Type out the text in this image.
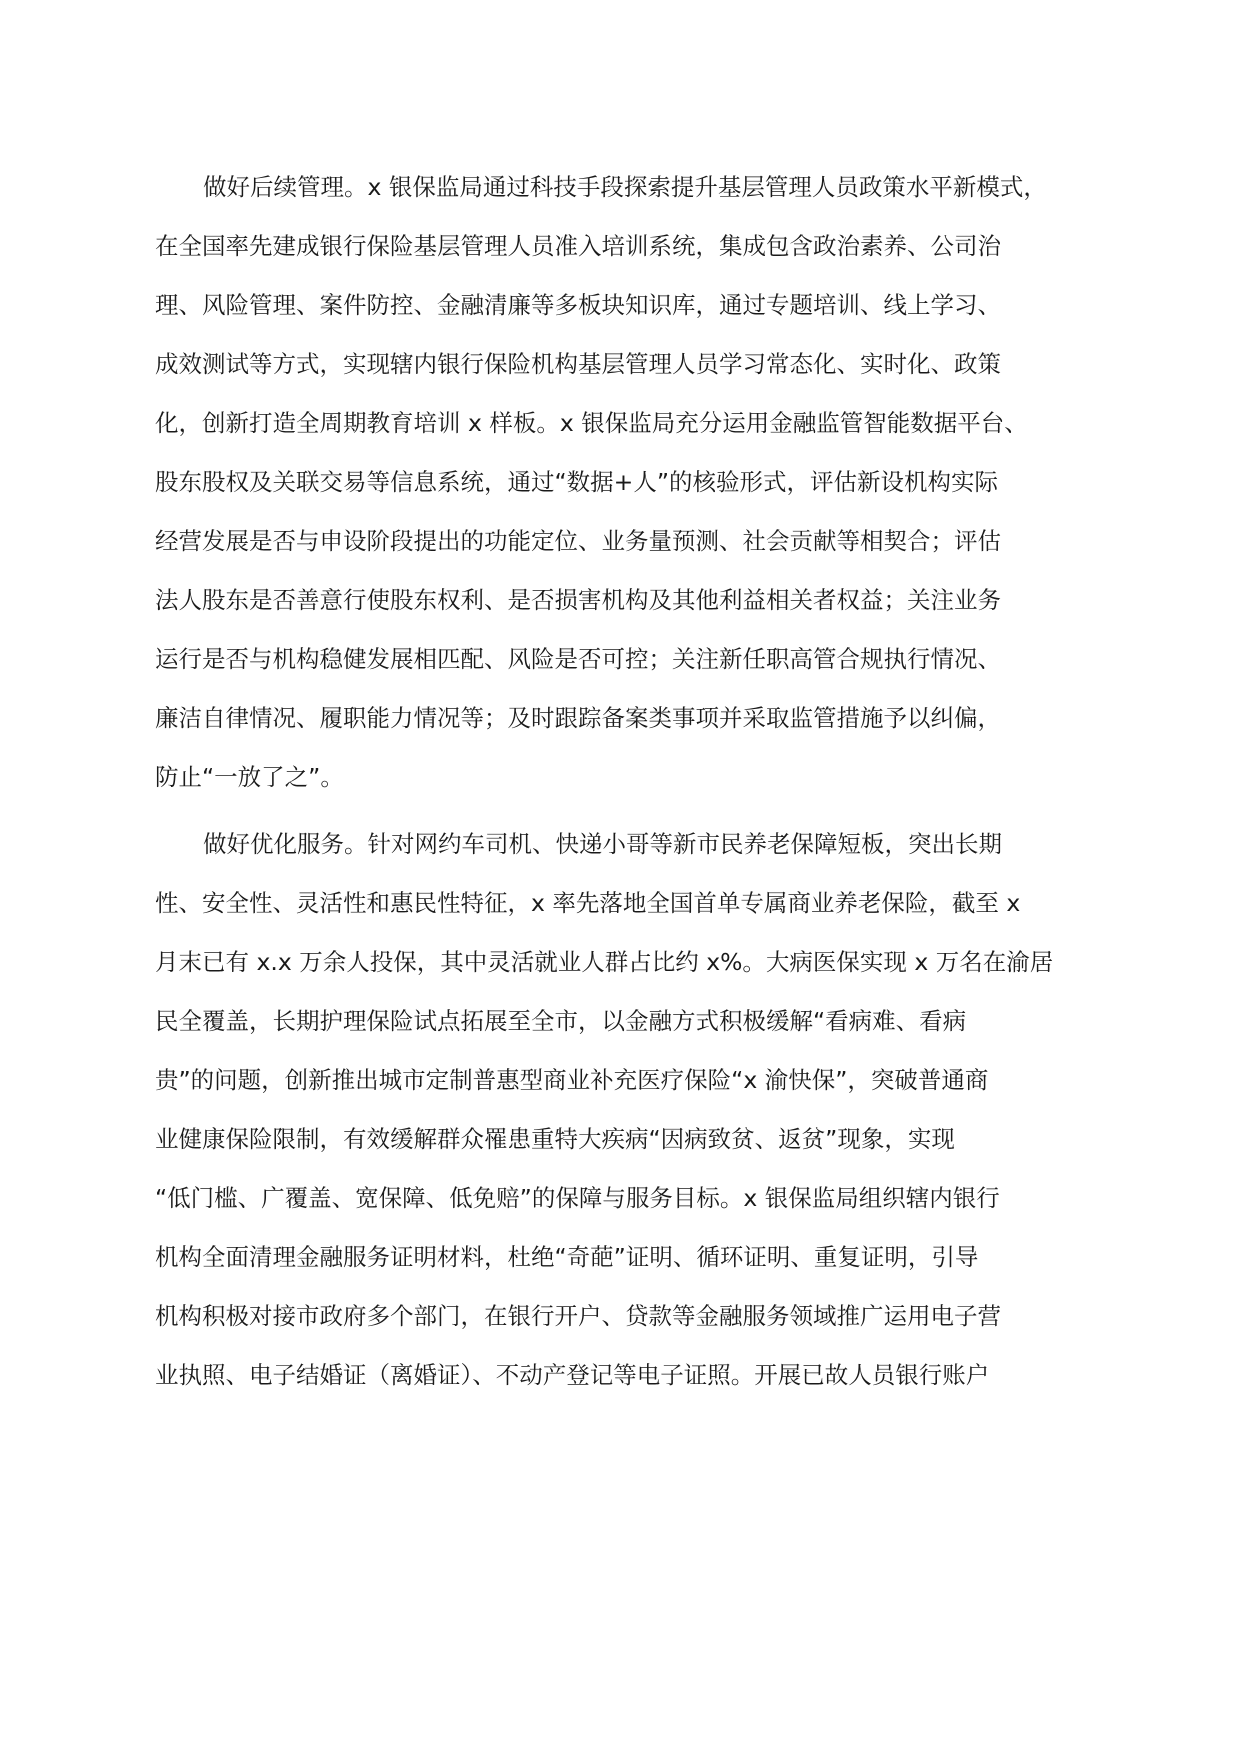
做好后续管理。x 银保监局通过科技手段探索提升基层管理人员政策水平新模式，

在全国率先建成银行保险基层管理人员准入培训系统，集成包含政治素养、公司治

理、风险管理、案件防控、金融清廉等多板块知识库，通过专题培训、线上学习、

成效测试等方式，实现辖内银行保险机构基层管理人员学习常态化、实时化、政策

化，创新打造全周期教育培训 x 样板。x 银保监局充分运用金融监管智能数据平台、

股东股权及关联交易等信息系统，通过“数据+人”的核验形式，评估新设机构实际

经营发展是否与申设阶段提出的功能定位、业务量预测、社会贡献等相契合；评估

法人股东是否善意行使股东权利、是否损害机构及其他利益相关者权益；关注业务

运行是否与机构稳健发展相匹配、风险是否可控；关注新任职高管合规执行情况、

廉洁自律情况、履职能力情况等；及时跟踪备案类事项并采取监管措施予以纠偏，

防止“一放了之”。

做好优化服务。针对网约车司机、快递小哥等新市民养老保障短板，突出长期

性、安全性、灵活性和惠民性特征，x 率先落地全国首单专属商业养老保险，截至 x

月末已有 x.x 万余人投保，其中灵活就业人群占比约 x%。大病医保实现 x 万名在渝居

民全覆盖，长期护理保险试点拓展至全市，以金融方式积极缓解“看病难、看病

贵”的问题，创新推出城市定制普惠型商业补充医疗保险“x 渝快保”，突破普通商

业健康保险限制，有效缓解群众罹患重特大疾病“因病致贫、返贫”现象，实现

“低门槛、广覆盖、宽保障、低免赔”的保障与服务目标。x 银保监局组织辖内银行

机构全面清理金融服务证明材料，杜绝“奇葩”证明、循环证明、重复证明，引导

机构积极对接市政府多个部门，在银行开户、贷款等金融服务领域推广运用电子营

业执照、电子结婚证（离婚证）、不动产登记等电子证照。开展已故人员银行账户
